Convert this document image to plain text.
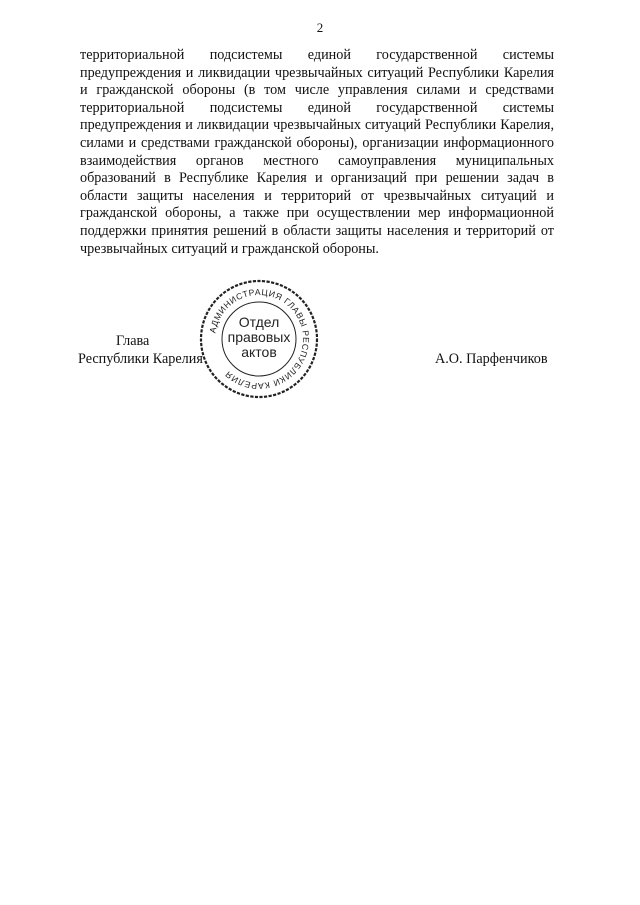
2

территориальной подсистемы единой государственной системы предупреждения и ликвидации чрезвычайных ситуаций Республики Карелия и гражданской обороны (в том числе управления силами и средствами территориальной подсистемы единой государственной системы предупреждения и ликвидации чрезвычайных ситуаций Республики Карелия, силами и средствами гражданской обороны), организации информационного взаимодействия органов местного самоуправления муниципальных образований в Республике Карелия и организаций при решении задач в области защиты населения и территорий от чрезвычайных ситуаций и гражданской обороны, а также при осуществлении мер информационной поддержки принятия решений в области защиты населения и территорий от чрезвычайных ситуаций и гражданской обороны.

Глава
Республики Карелия	А.О. Парфенчиков
АДМИНИСТРАЦИЯ ГЛАВЫ РЕСПУБЛИКИ КАРЕЛИЯ
Отдел
правовых
актов
